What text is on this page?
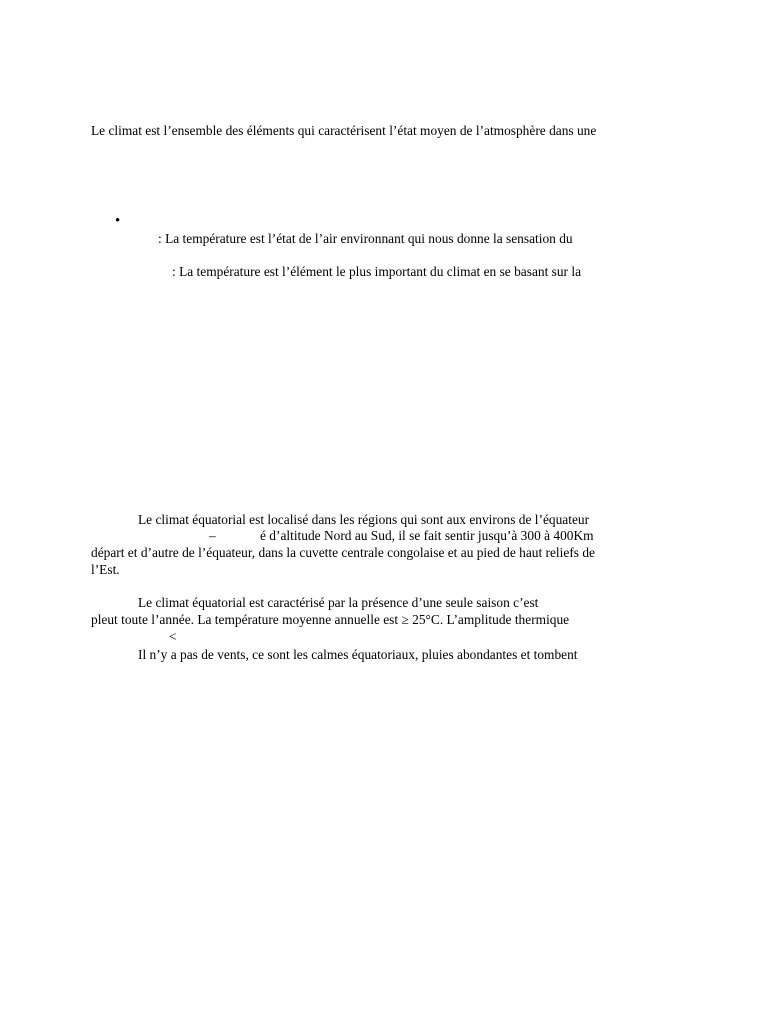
Le climat est l’ensemble des éléments qui caractérisent l’état moyen de l’atmosphère dans une
•
: La température est l’état de l’air environnant qui nous donne la sensation du
: La température est l’élément le plus important du climat en se basant sur la
Le climat équatorial est localisé dans les régions qui sont aux environs de l’équateur
–	é d’altitude Nord au Sud, il se fait sentir jusqu’à 300 à 400Km
départ et d’autre de l’équateur, dans la cuvette centrale congolaise et au pied de haut reliefs de
l’Est.
Le climat équatorial est caractérisé par la présence d’une seule saison c’est
pleut toute l’année. La température moyenne annuelle est ≥ 25°C. L’amplitude thermique
<
Il n’y a pas de vents, ce sont les calmes équatoriaux, pluies abondantes et tombent
